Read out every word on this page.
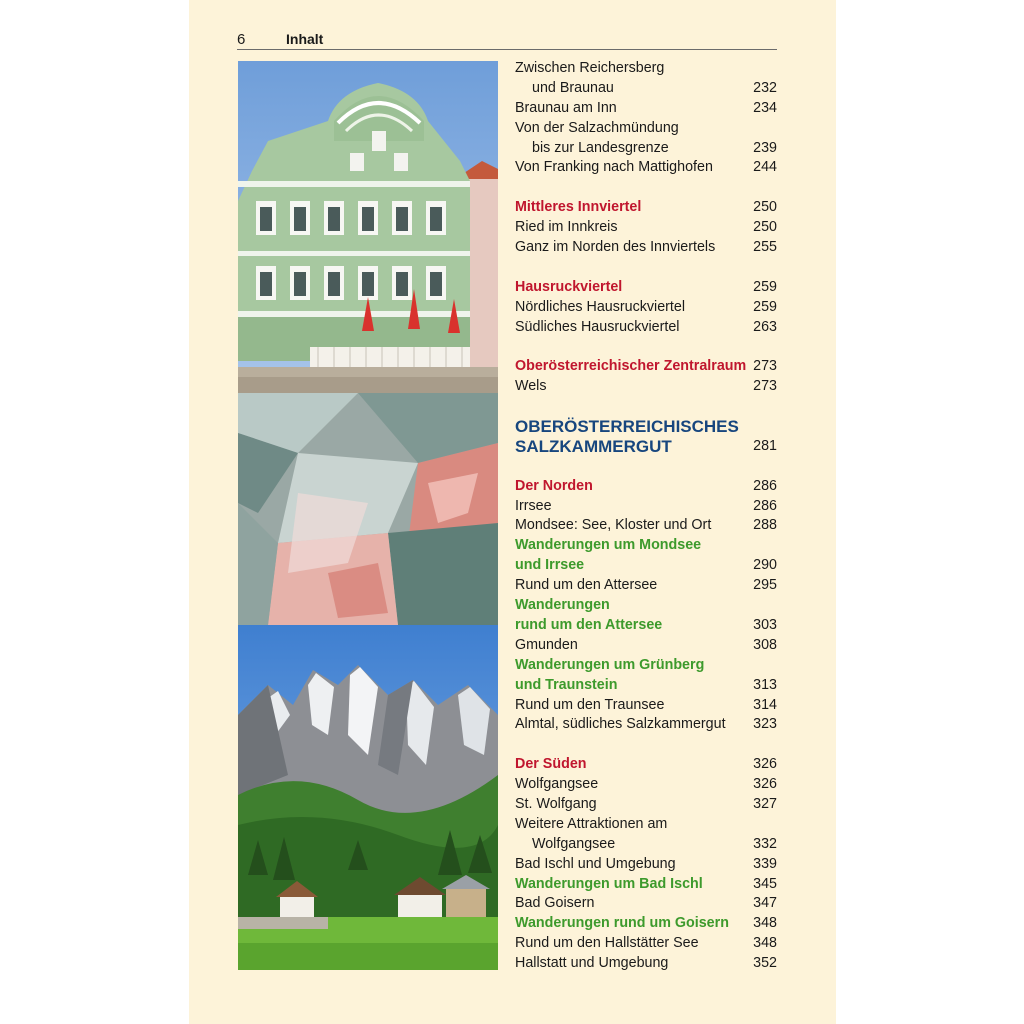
6	Inhalt
Zwischen Reichersberg
und Braunau	232
Braunau am Inn	234
Von der Salzachmündung
bis zur Landesgrenze	239
Von Franking nach Mattighofen	244
Mittleres Innviertel	250
Ried im Innkreis	250
Ganz im Norden des Innviertels	255
Hausruckviertel	259
Nördliches Hausruckviertel	259
Südliches Hausruckviertel	263
Oberösterreichischer Zentralraum 273
Wels	273
OBERÖSTERREICHISCHES
SALZKAMMERGUT	281
Der Norden	286
Irrsee	286
Mondsee: See, Kloster und Ort	288
Wanderungen um Mondsee
und Irrsee	290
Rund um den Attersee	295
Wanderungen
rund um den Attersee	303
Gmunden	308
Wanderungen um Grünberg
und Traunstein	313
Rund um den Traunsee	314
Almtal, südliches Salzkammergut 323
Der Süden	326
Wolfgangsee	326
St. Wolfgang	327
Weitere Attraktionen am
Wolfgangsee	332
Bad Ischl und Umgebung	339
Wanderungen um Bad Ischl	345
Bad Goisern	347
Wanderungen rund um Goisern 348
Rund um den Hallstätter See	348
Hallstatt und Umgebung	352
